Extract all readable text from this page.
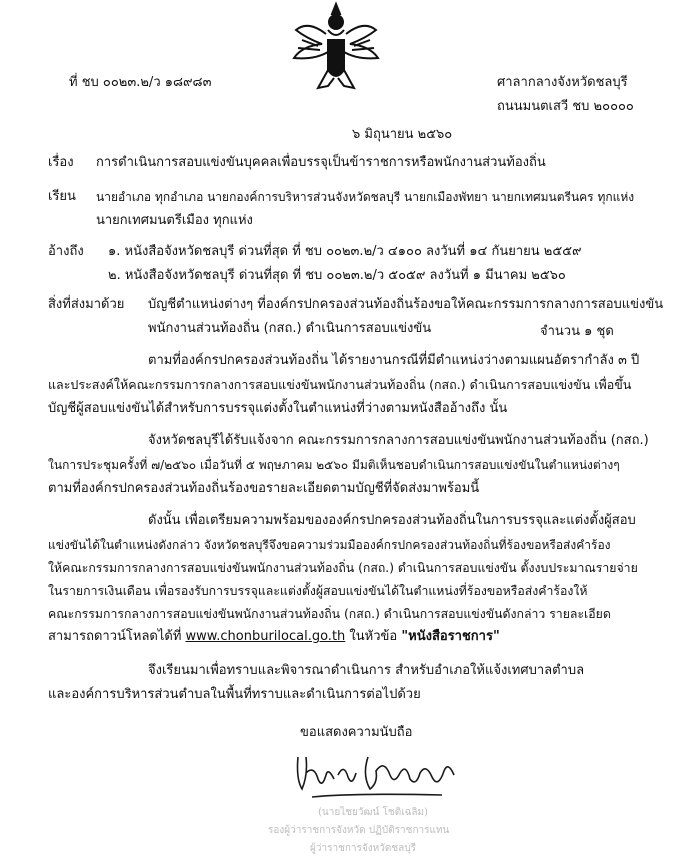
ที่ ชบ ๐๐๒๓.๒/ว ๑๘๙๘๓	ศาลากลางจังหวัดชลบุรี
ถนนมนตเสวี ชบ ๒๐๐๐๐
๖ มิถุนายน ๒๕๖๐
เรื่อง การดำเนินการสอบแข่งขันบุคคลเพื่อบรรจุเป็นข้าราชการหรือพนักงานส่วนท้องถิ่น
เรียน นายอำเภอ ทุกอำเภอ นายกองค์การบริหารส่วนจังหวัดชลบุรี นายกเมืองพัทยา นายกเทศมนตรีนคร ทุกแห่ง
นายกเทศมนตรีเมือง ทุกแห่ง
อ้างถึง ๑. หนังสือจังหวัดชลบุรี ด่วนที่สุด ที่ ชบ ๐๐๒๓.๒/ว ๔๑๐๐ ลงวันที่ ๑๔ กันยายน ๒๕๕๙
๒. หนังสือจังหวัดชลบุรี ด่วนที่สุด ที่ ชบ ๐๐๒๓.๒/ว ๕๐๕๙ ลงวันที่ ๑ มีนาคม ๒๕๖๐
สิ่งที่ส่งมาด้วย บัญชีตำแหน่งต่างๆ ที่องค์กรปกครองส่วนท้องถิ่นร้องขอให้คณะกรรมการกลางการสอบแข่งขัน
พนักงานส่วนท้องถิ่น (กสถ.) ดำเนินการสอบแข่งขัน	จำนวน ๑ ชุด
ตามที่องค์กรปกครองส่วนท้องถิ่น ได้รายงานกรณีที่มีตำแหน่งว่างตามแผนอัตรากำลัง ๓ ปี
และประสงค์ให้คณะกรรมการกลางการสอบแข่งขันพนักงานส่วนท้องถิ่น (กสถ.) ดำเนินการสอบแข่งขัน เพื่อขึ้น
บัญชีผู้สอบแข่งขันได้สำหรับการบรรจุแต่งตั้งในตำแหน่งที่ว่างตามหนังสืออ้างถึง นั้น
จังหวัดชลบุรีได้รับแจ้งจาก คณะกรรมการกลางการสอบแข่งขันพนักงานส่วนท้องถิ่น (กสถ.)
ในการประชุมครั้งที่ ๗/๒๕๖๐ เมื่อวันที่ ๕ พฤษภาคม ๒๕๖๐ มีมติเห็นชอบดำเนินการสอบแข่งขันในตำแหน่งต่างๆ
ตามที่องค์กรปกครองส่วนท้องถิ่นร้องขอรายละเอียดตามบัญชีที่จัดส่งมาพร้อมนี้
ดังนั้น เพื่อเตรียมความพร้อมขององค์กรปกครองส่วนท้องถิ่นในการบรรจุและแต่งตั้งผู้สอบ
แข่งขันได้ในตำแหน่งดังกล่าว จังหวัดชลบุรีจึงขอความร่วมมือองค์กรปกครองส่วนท้องถิ่นที่ร้องขอหรือส่งคำร้อง
ให้คณะกรรมการกลางการสอบแข่งขันพนักงานส่วนท้องถิ่น (กสถ.) ดำเนินการสอบแข่งขัน ตั้งงบประมาณรายจ่าย
ในรายการเงินเดือน เพื่อรองรับการบรรจุและแต่งตั้งผู้สอบแข่งขันได้ในตำแหน่งที่ร้องขอหรือส่งคำร้องให้
คณะกรรมการกลางการสอบแข่งขันพนักงานส่วนท้องถิ่น (กสถ.) ดำเนินการสอบแข่งขันดังกล่าว รายละเอียด
สามารถดาวน์โหลดได้ที่ www.chonburilocal.go.th ในหัวข้อ "หนังสือราชการ"
จึงเรียนมาเพื่อทราบและพิจารณาดำเนินการ สำหรับอำเภอให้แจ้งเทศบาลตำบล
และองค์การบริหารส่วนตำบลในพื้นที่ทราบและดำเนินการต่อไปด้วย
ขอแสดงความนับถือ
(นายไชยวัฒน์ โชติเฉลิม)
รองผู้ว่าราชการจังหวัด ปฏิบัติราชการแทน
ผู้ว่าราชการจังหวัดชลบุรี
